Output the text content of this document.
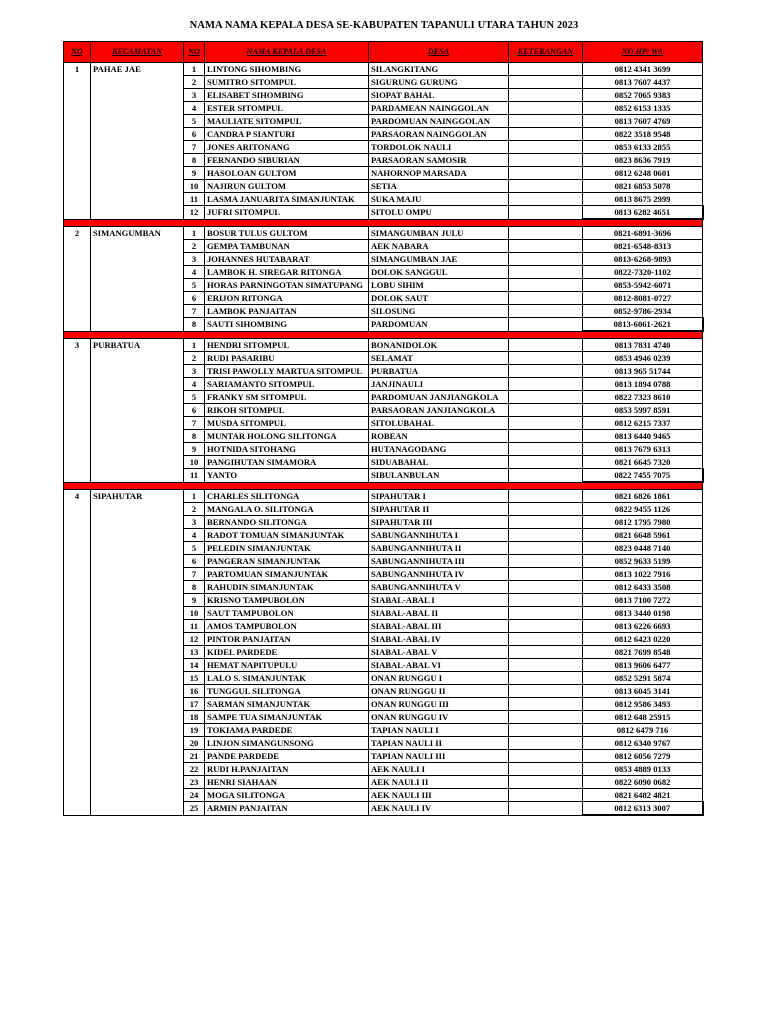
NAMA NAMA KEPALA DESA SE-KABUPATEN TAPANULI UTARA TAHUN 2023
NO	KECAMATAN	NO	NAMA KEPALA DESA	DESA	KETERANGAN	NO HP/ WA
1	PAHAE JAE	1	LINTONG SIHOMBING	SILANGKITANG		0812 4341 3699
		2	SUMITRO SITOMPUL	SIGURUNG GURUNG		0813 7607 4437
		3	ELISABET SIHOMBING	SIOPAT BAHAL		0852 7065 9383
		4	ESTER SITOMPUL	PARDAMEAN NAINGGOLAN		0852 6153 1335
		5	MAULIATE SITOMPUL	PARDOMUAN NAINGGOLAN		0813 7607 4769
		6	CANDRA P SIANTURI	PARSAORAN NAINGGOLAN		0822 3518 9548
		7	JONES ARITONANG	TORDOLOK NAULI		0853 6133 2855
		8	FERNANDO SIBURIAN	PARSAORAN SAMOSIR		0823 8636 7919
		9	HASOLOAN GULTOM	NAHORNOP MARSADA		0812 6248 0601
		10	NAJIRUN GULTOM	SETIA		0821 6853 5078
		11	LASMA JANUARITA SIMANJUNTAK	SUKA MAJU		0813 8675 2999
		12	JUFRI SITOMPUL	SITOLU OMPU		0813 6282 4651

2	SIMANGUMBAN	1	BOSUR TULUS GULTOM	SIMANGUMBAN JULU		0821-6891-3696
		2	GEMPA TAMBUNAN	AEK NABARA		0821-6548-8313
		3	JOHANNES HUTABARAT	SIMANGUMBAN JAE		0813-6268-9893
		4	LAMBOK H. SIREGAR RITONGA	DOLOK SANGGUL		0822-7320-1102
		5	HORAS PARNINGOTAN SIMATUPANG	LOBU SIHIM		0853-5942-6071
		6	ERIJON RITONGA	DOLOK SAUT		0812-8081-0727
		7	LAMBOK PANJAITAN	SILOSUNG		0852-9786-2934
		8	SAUTI SIHOMBING	PARDOMUAN		0813-6061-2621

3	PURBATUA	1	HENDRI SITOMPUL	BONANIDOLOK		0813 7831 4740
		2	RUDI PASARIBU	SELAMAT		0853 4946 0239
		3	TRISI PAWOLLY MARTUA SITOMPUL	PURBATUA		0813 965 51744
		4	SARIAMANTO SITOMPUL	JANJINAULI		0813 1894 0788
		5	FRANKY SM SITOMPUL	PARDOMUAN JANJIANGKOLA		0822 7323 8610
		6	RIKOH SITOMPUL	PARSAORAN JANJIANGKOLA		0853 5997 8591
		7	MUSDA SITOMPUL	SITOLUBAHAL		0812 6215 7337
		8	MUNTAR HOLONG SILITONGA	ROBEAN		0813 6440 9465
		9	HOTNIDA SITOHANG	HUTANAGODANG		0813 7679 6313
		10	PANGIHUTAN SIMAMORA	SIDUABAHAL		0821 6645 7320
		11	YANTO	SIBULANBULAN		0822 7455 7075

4	SIPAHUTAR	1	CHARLES SILITONGA	SIPAHUTAR I		0821 6826 1861
		2	MANGALA O. SILITONGA	SIPAHUTAR II		0822 9455 1126
		3	BERNANDO SILITONGA	SIPAHUTAR III		0812 1795 7980
		4	RADOT TOMUAN SIMANJUNTAK	SABUNGANNIHUTA I		0821 6648 5961
		5	PELEDIN SIMANJUNTAK	SABUNGANNIHUTA II		0823 0448 7140
		6	PANGERAN SIMANJUNTAK	SABUNGANNIHUTA III		0852 9633 5199
		7	PARTOMUAN SIMANJUNTAK	SABUNGANNIHUTA IV		0813 1022 7916
		8	RAHUDIN SIMANJUNTAK	SABUNGANNIHUTA V		0812 6433 3508
		9	KRISNO TAMPUBOLON	SIABAL-ABAL I		0813 7100 7272
		10	SAUT TAMPUBOLON	SIABAL-ABAL II		0813 3440 0198
		11	AMOS TAMPUBOLON	SIABAL-ABAL III		0813 6226 6693
		12	PINTOR PANJAITAN	SIABAL-ABAL IV		0812 6423 0220
		13	KIDEL PARDEDE	SIABAL-ABAL V		0821 7699 8548
		14	HEMAT NAPITUPULU	SIABAL-ABAL VI		0813 9606 6477
		15	LALO S. SIMANJUNTAK	ONAN RUNGGU I		0852 5291 5874
		16	TUNGGUL SILITONGA	ONAN RUNGGU II		0813 6045 3141
		17	SARMAN SIMANJUNTAK	ONAN RUNGGU III		0812 9586 3493
		18	SAMPE TUA SIMANJUNTAK	ONAN RUNGGU IV		0812 648 25915
		19	TOKIAMA PARDEDE	TAPIAN NAULI I		0812 6479 716
		20	LINJON SIMANGUNSONG	TAPIAN NAULI II		0812 6340 9767
		21	PANDE PARDEDE	TAPIAN NAULI III		0812 6056 7279
		22	RUDI H.PANJAITAN	AEK NAULI I		0853 4889 0133
		23	HENRI SIAHAAN	AEK NAULI II		0822 6090 0682
		24	MOGA SILITONGA	AEK NAULI III		0821 6482 4821
		25	ARMIN PANJAITAN	AEK NAULI IV		0812 6313 3007
